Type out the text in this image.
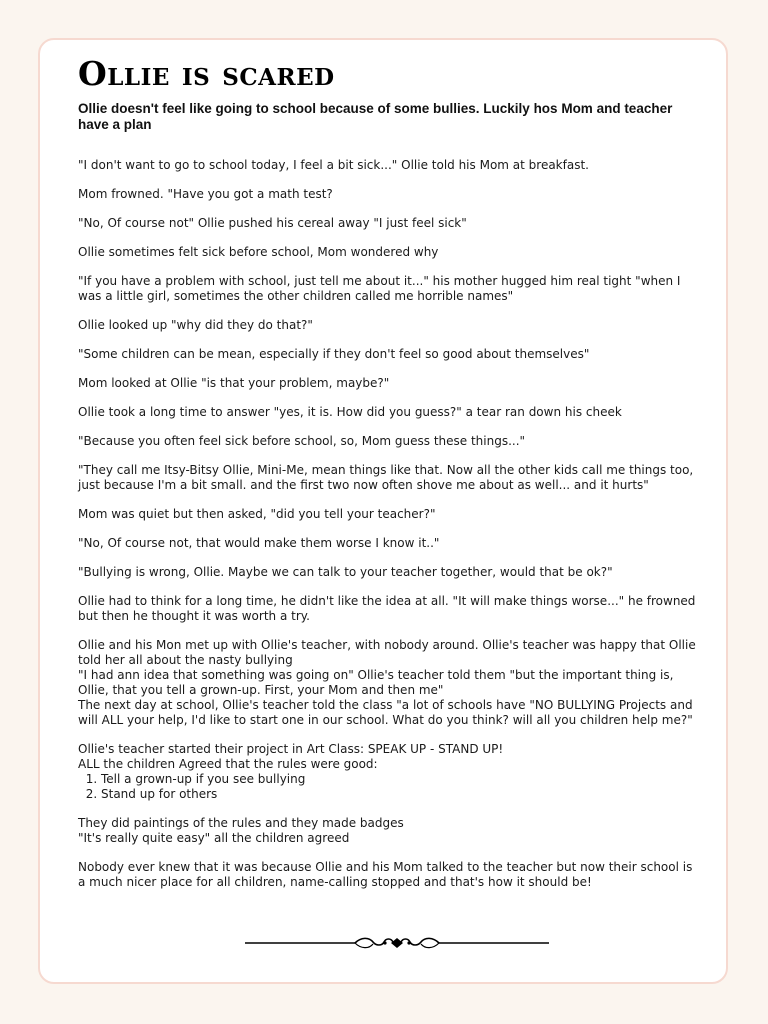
Ollie is scared

Ollie doesn't feel like going to school because of some bullies. Luckily hos Mom and teacher have a plan

"I don't want to go to school today, I feel a bit sick..." Ollie told his Mom at breakfast.

Mom frowned. "Have you got a math test?

"No, Of course not" Ollie pushed his cereal away "I just feel sick"

Ollie sometimes felt sick before school, Mom wondered why

"If you have a problem with school, just tell me about it..." his mother hugged him real tight "when I was a little girl, sometimes the other children called me horrible names"

Ollie looked up "why did they do that?"

"Some children can be mean, especially if they don't feel so good about themselves"

Mom looked at Ollie "is that your problem, maybe?"

Ollie took a long time to answer "yes, it is. How did you guess?" a tear ran down his cheek

"Because you often feel sick before school, so, Mom guess these things..."

"They call me Itsy-Bitsy Ollie, Mini-Me, mean things like that. Now all the other kids call me things too, just because I'm a bit small. and the first two now often shove me about as well... and it hurts"

Mom was quiet but then asked, "did you tell your teacher?"

"No, Of course not, that would make them worse I know it.."

"Bullying is wrong, Ollie. Maybe we can talk to your teacher together, would that be ok?"

Ollie had to think for a long time, he didn't like the idea at all. "It will make things worse..." he frowned but then he thought it was worth a try.

Ollie and his Mon met up with Ollie's teacher, with nobody around. Ollie's teacher was happy that Ollie told her all about the nasty bullying
"I had ann idea that something was going on" Ollie's teacher told them "but the important thing is, Ollie, that you tell a grown-up. First, your Mom and then me"
The next day at school, Ollie's teacher told the class "a lot of schools have "NO BULLYING Projects and will ALL your help, I'd like to start one in our school. What do you think? will all you children help me?"

Ollie's teacher started their project in Art Class: SPEAK UP - STAND UP!
ALL the children Agreed that the rules were good:
1. Tell a grown-up if you see bullying
2. Stand up for others

They did paintings of the rules and they made badges
"It's really quite easy" all the children agreed

Nobody ever knew that it was because Ollie and his Mom talked to the teacher but now their school is a much nicer place for all children, name-calling stopped and that's how it should be!
